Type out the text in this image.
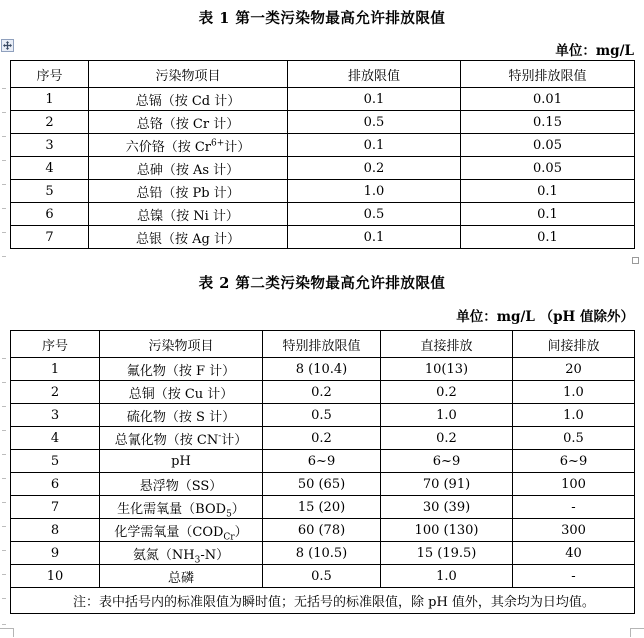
表 1 第一类污染物最高允许排放限值
单位：mg/L
序号	污染物项目	排放限值	特别排放限值
1	总镉（按 Cd 计）	0.1	0.01
2	总铬（按 Cr 计）	0.5	0.15
3	六价铬（按 $Cr^{6+}$计）	0.1	0.05
4	总砷（按 As 计）	0.2	0.05
5	总铅（按 Pb 计）	1.0	0.1
6	总镍（按 Ni 计）	0.5	0.1
7	总银（按 Ag 计）	0.1	0.1
表 2 第二类污染物最高允许排放限值
单位：mg/L （pH 值除外）
序号	污染物项目	特别排放限值	直接排放	间接排放
1	氟化物（按 F 计）	8 (10.4)	10(13)	20
2	总铜（按 Cu 计）	0.2	0.2	1.0
3	硫化物（按 S 计）	0.5	1.0	1.0
4	总氰化物（按 CN-计）	0.2	0.2	0.5
5	pH	6~9	6~9	6~9
6	悬浮物（SS）	50 (65)	70 (91)	100
7	生化需氧量$(BOD_5)$	15 (20)	30 (39)	-
8	化学需氧量$(COD_{Cr})$	60 (78)	100 (130)	300
9	氨氮$(NH_3-N)$	8 (10.5)	15 (19.5)	40
10	总磷	0.5	1.0	-
注：表中括号内的标准限值为瞬时值；无括号的标准限值，除 pH 值外，其余均为日均值。				
